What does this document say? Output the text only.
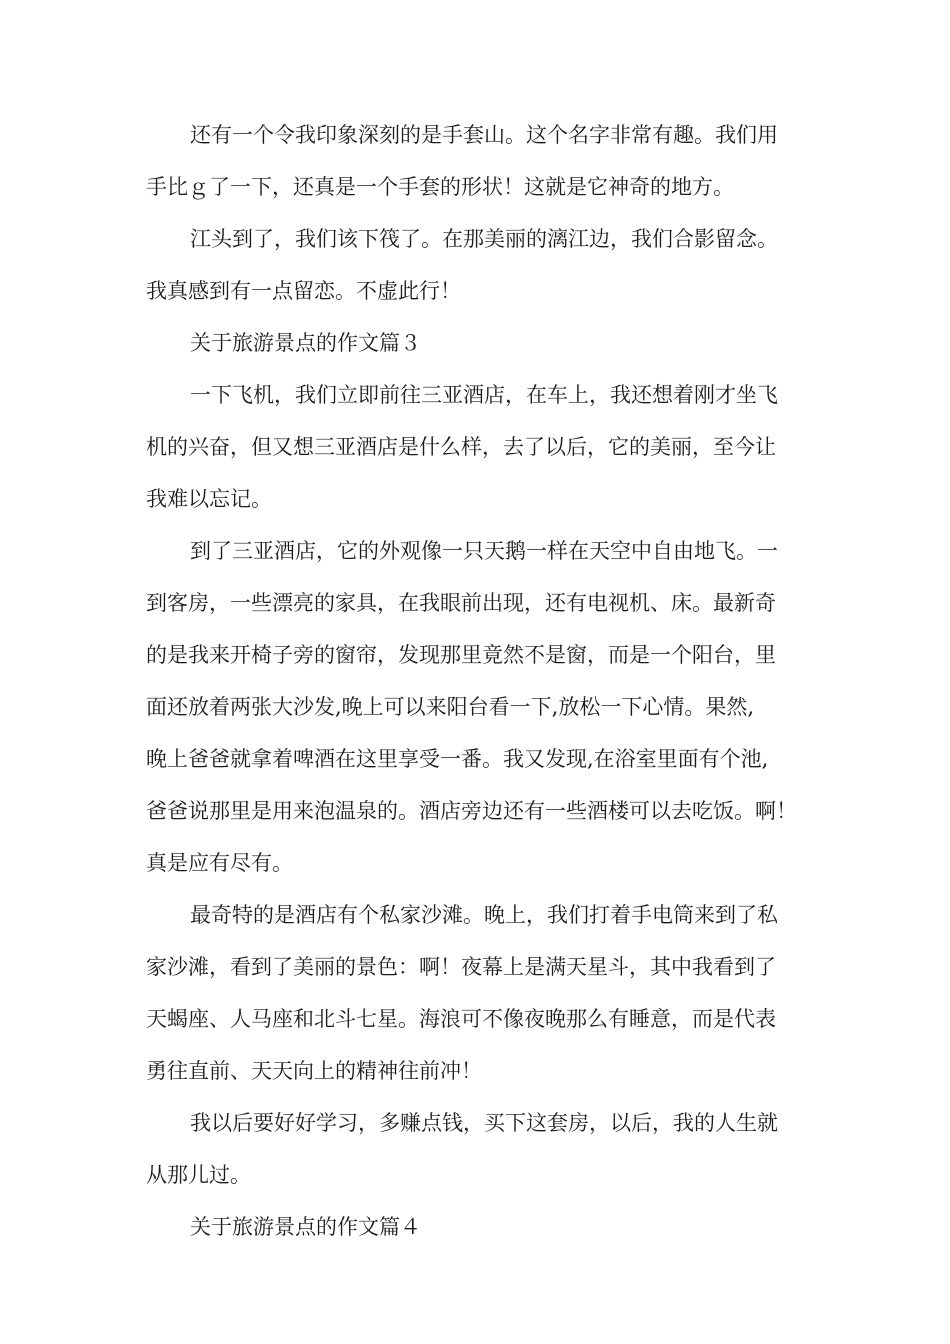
还有一个令我印象深刻的是手套山。这个名字非常有趣。我们用
手比ｇ了一下，还真是一个手套的形状！这就是它神奇的地方。
江头到了，我们该下筏了。在那美丽的漓江边，我们合影留念。
我真感到有一点留恋。不虚此行！
关于旅游景点的作文篇３
一下飞机，我们立即前往三亚酒店，在车上，我还想着刚才坐飞
机的兴奋，但又想三亚酒店是什么样，去了以后，它的美丽，至今让
我难以忘记。
到了三亚酒店，它的外观像一只天鹅一样在天空中自由地飞。一
到客房，一些漂亮的家具，在我眼前出现，还有电视机、床。最新奇
的是我来开椅子旁的窗帘，发现那里竟然不是窗，而是一个阳台，里
面还放着两张大沙发,晚上可以来阳台看一下,放松一下心情。果然,
晚上爸爸就拿着啤酒在这里享受一番。我又发现,在浴室里面有个池,
爸爸说那里是用来泡温泉的。酒店旁边还有一些酒楼可以去吃饭。啊！
真是应有尽有。
最奇特的是酒店有个私家沙滩。晚上，我们打着手电筒来到了私
家沙滩，看到了美丽的景色：啊！夜幕上是满天星斗，其中我看到了
天蝎座、人马座和北斗七星。海浪可不像夜晚那么有睡意，而是代表
勇往直前、天天向上的精神往前冲！
我以后要好好学习，多赚点钱，买下这套房，以后，我的人生就
从那儿过。
关于旅游景点的作文篇４
